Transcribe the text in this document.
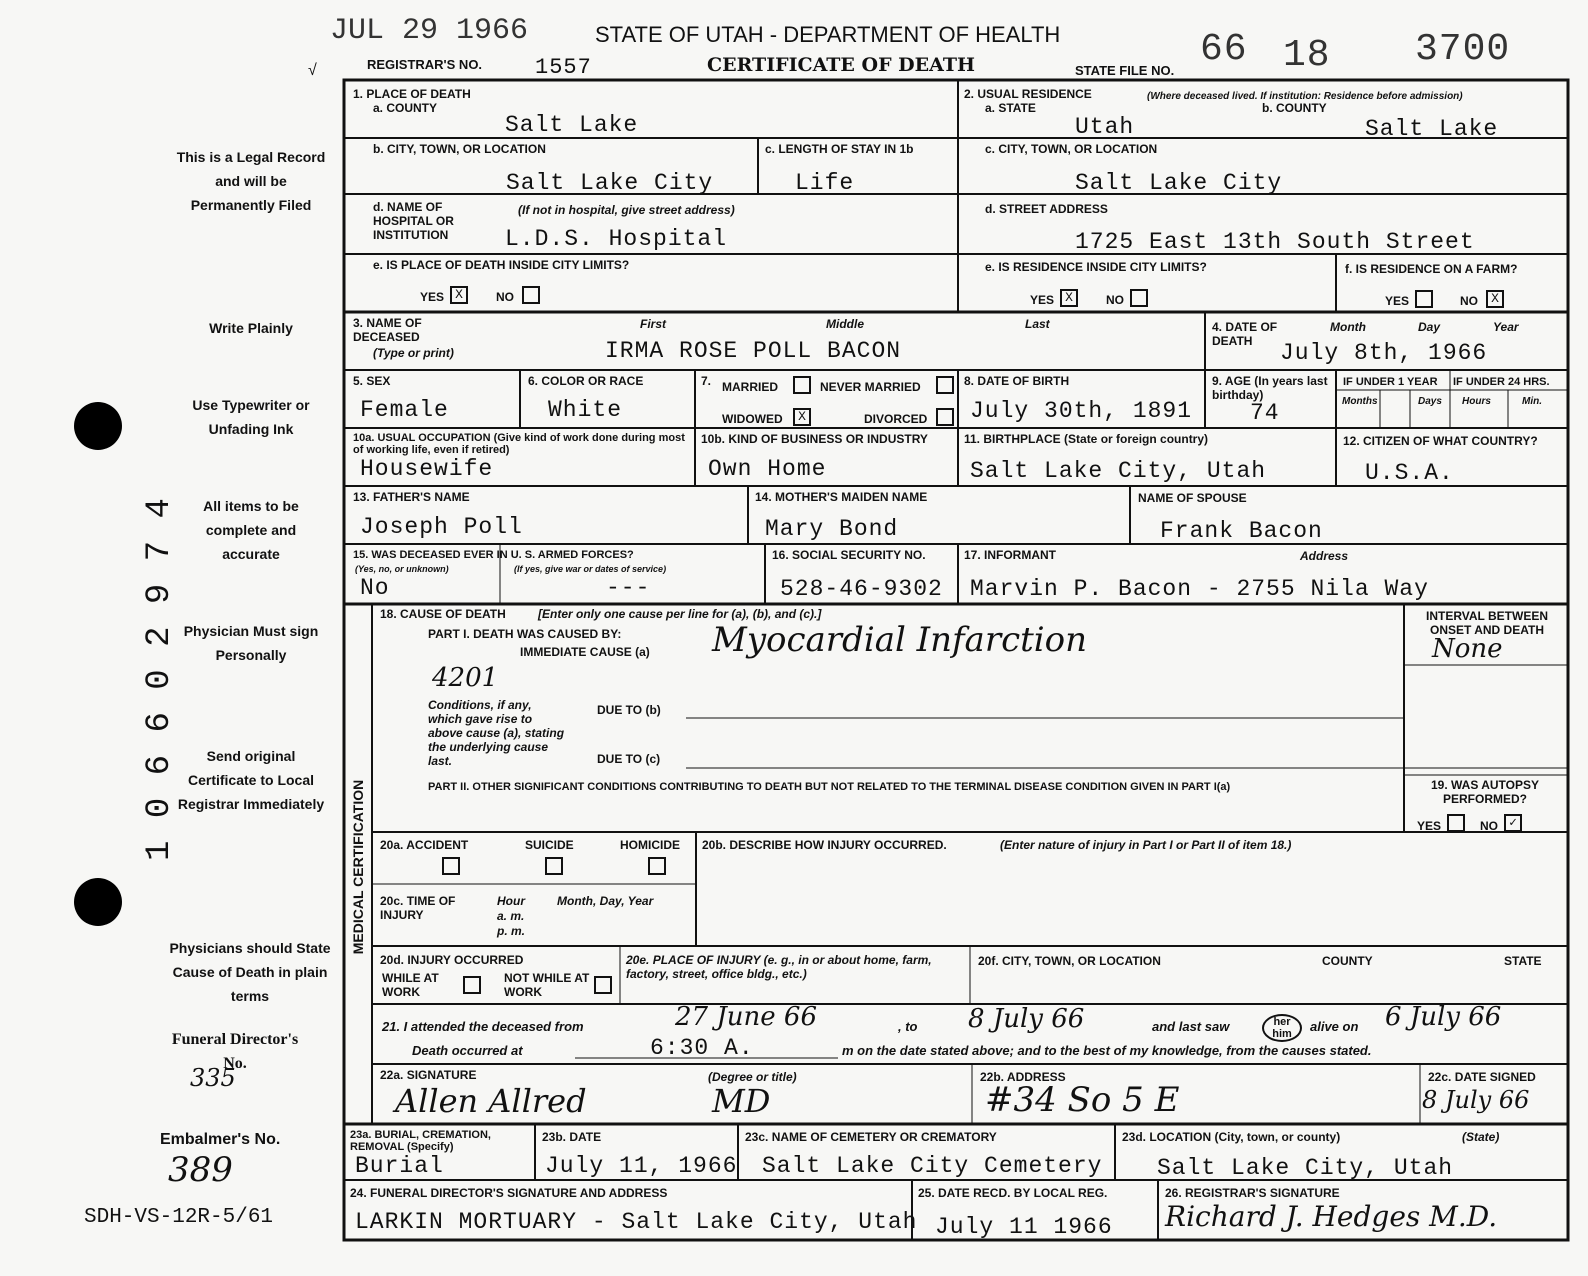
JUL 29 1966	STATE OF UTAH - DEPARTMENT OF HEALTH
REGISTRAR'S NO. 1557	CERTIFICATE OF DEATH	STATE FILE NO. 66 18 3700
√
This is a Legal Record and will be Permanently Filed
Write Plainly
Use Typewriter or Unfading Ink
All items to be complete and accurate
Physician Must sign Personally
Send original Certificate to Local Registrar Immediately
Physicians should State Cause of Death in plain terms
Funeral Director's No.
335
Embalmer's No.
389
SDH-VS-12R-5/61
1 0 6 6 0 2 9 7 4
1. PLACE OF DEATH
a. COUNTY
Salt Lake
2. USUAL RESIDENCE	(Where deceased lived. If institution: Residence before admission)
a. STATE
Utah
b. COUNTY
Salt Lake
b. CITY, TOWN, OR LOCATION
Salt Lake City
c. LENGTH OF STAY IN 1b
Life
c. CITY, TOWN, OR LOCATION
Salt Lake City
d. NAME OF HOSPITAL OR INSTITUTION
(If not in hospital, give street address)
L.D.S. Hospital
d. STREET ADDRESS
1725 East 13th South Street
e. IS PLACE OF DEATH INSIDE CITY LIMITS?
YES X	NO
e. IS RESIDENCE INSIDE CITY LIMITS?
YES X	NO
f. IS RESIDENCE ON A FARM?
YES	NO	X
3. NAME OF DECEASED
(Type or print)
First	Middle	Last
IRMA ROSE POLL BACON
4. DATE OF DEATH
Month	Day	Year
July 8th, 1966
5. SEX
Female
6. COLOR OR RACE
White
7. MARRIED	NEVER MARRIED
WIDOWED	X	DIVORCED
8. DATE OF BIRTH
July 30th, 1891
9. AGE (In years last birthday)
74
IF UNDER 1 YEAR IF UNDER 24 HRS.
Months	Days Hours	Min.
10a. USUAL OCCUPATION (Give kind of work done during most of working life, even if retired)
Housewife
10b. KIND OF BUSINESS OR INDUSTRY
Own Home
11. BIRTHPLACE (State or foreign country)
Salt Lake City, Utah
12. CITIZEN OF WHAT COUNTRY?
U.S.A.
13. FATHER'S NAME
Joseph Poll
14. MOTHER'S MAIDEN NAME
Mary Bond
NAME OF SPOUSE
Frank Bacon
15. WAS DECEASED EVER IN U. S. ARMED FORCES?
(Yes, no, or unknown)	(If yes, give war or dates of service)
No	---
16. SOCIAL SECURITY NO.
528-46-9302
17. INFORMANT	Address
Marvin P. Bacon - 2755 Nila Way
MEDICAL CERTIFICATION
18. CAUSE OF DEATH	[Enter only one cause per line for (a), (b), and (c).]
PART I. DEATH WAS CAUSED BY:
IMMEDIATE CAUSE (a) Myocardial Infarction
INTERVAL BETWEEN ONSET AND DEATH
None
4201
Conditions, if any, which gave rise to above cause (a), stating the underlying cause last.
DUE TO (b)
DUE TO (c)
PART II. OTHER SIGNIFICANT CONDITIONS CONTRIBUTING TO DEATH BUT NOT RELATED TO THE TERMINAL DISEASE CONDITION GIVEN IN PART I(a)	19. WAS AUTOPSY PERFORMED?
YES	NO ✓
20a. ACCIDENT	SUICIDE	HOMICIDE 20b. DESCRIBE HOW INJURY OCCURRED.	(Enter nature of injury in Part I or Part II of item 18.)
20c. TIME OF INJURY
Hour
a. m.
p. m.
Month, Day, Year
20d. INJURY OCCURRED
WHILE AT WORK
NOT WHILE AT WORK
20e. PLACE OF INJURY (e. g., in or about home, farm, factory, street, office bldg., etc.)
20f. CITY, TOWN, OR LOCATION	COUNTY	STATE
21. I attended the deceased from	27 June 66	, to 8 July 66	and last saw	her him	alive on 6 July 66
Death occurred at	6:30 A.	m on the date stated above; and to the best of my knowledge, from the causes stated.
22a. SIGNATURE	(Degree or title)
Allen Allred	MD
22b. ADDRESS
#34 So 5 E
22c. DATE SIGNED
8 July 66
23a. BURIAL, CREMATION, REMOVAL (Specify)
Burial
23b. DATE
July 11, 1966
23c. NAME OF CEMETERY OR CREMATORY
Salt Lake City Cemetery
23d. LOCATION (City, town, or county)	(State)
Salt Lake City, Utah
24. FUNERAL DIRECTOR'S SIGNATURE AND ADDRESS
LARKIN MORTUARY - Salt Lake City, Utah
25. DATE RECD. BY LOCAL REG.
July 11 1966
26. REGISTRAR'S SIGNATURE
Richard J. Hedges M.D.
